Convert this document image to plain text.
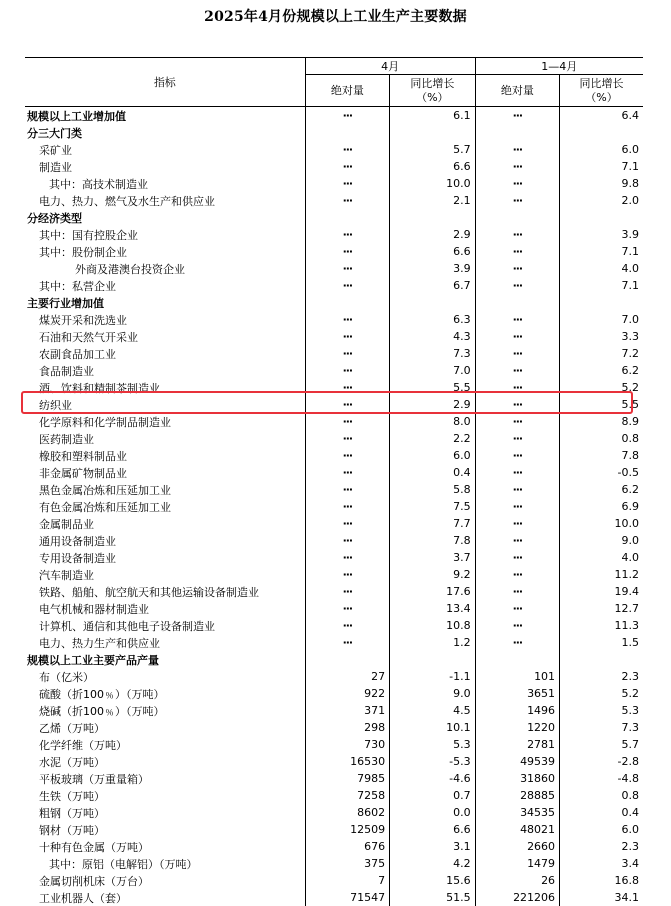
2025年4月份规模以上工业生产主要数据
指标	4月		1—4月	
	绝对量	同比增长（%）	绝对量	同比增长（%）
规模以上工业增加值	···	6.1	···	6.4
分三大门类				
采矿业	···	5.7	···	6.0
制造业	···	6.6	···	7.1
其中：高技术制造业	···	10.0	···	9.8
电力、热力、燃气及水生产和供应业	···	2.1	···	2.0
分经济类型				
其中：国有控股企业	···	2.9	···	3.9
其中：股份制企业	···	6.6	···	7.1
外商及港澳台投资企业	···	3.9	···	4.0
其中：私营企业	···	6.7	···	7.1
主要行业增加值				
煤炭开采和洗选业	···	6.3	···	7.0
石油和天然气开采业	···	4.3	···	3.3
农副食品加工业	···	7.3	···	7.2
食品制造业	···	7.0	···	6.2
酒、饮料和精制茶制造业	···	5.5	···	5.2
纺织业	···	2.9	···	5.5
化学原料和化学制品制造业	···	8.0	···	8.9
医药制造业	···	2.2	···	0.8
橡胶和塑料制品业	···	6.0	···	7.8
非金属矿物制品业	···	0.4	···	-0.5
黑色金属冶炼和压延加工业	···	5.8	···	6.2
有色金属冶炼和压延加工业	···	7.5	···	6.9
金属制品业	···	7.7	···	10.0
通用设备制造业	···	7.8	···	9.0
专用设备制造业	···	3.7	···	4.0
汽车制造业	···	9.2	···	11.2
铁路、船舶、航空航天和其他运输设备制造业	···	17.6	···	19.4
电气机械和器材制造业	···	13.4	···	12.7
计算机、通信和其他电子设备制造业	···	10.8	···	11.3
电力、热力生产和供应业	···	1.2	···	1.5
规模以上工业主要产品产量				
布（亿米）	27	-1.1	101	2.3
硫酸（折100﹪）（万吨）	922	9.0	3651	5.2
烧碱（折100﹪）（万吨）	371	4.5	1496	5.3
乙烯（万吨）	298	10.1	1220	7.3
化学纤维（万吨）	730	5.3	2781	5.7
水泥（万吨）	16530	-5.3	49539	-2.8
平板玻璃（万重量箱）	7985	-4.6	31860	-4.8
生铁（万吨）	7258	0.7	28885	0.8
粗钢（万吨）	8602	0.0	34535	0.4
钢材（万吨）	12509	6.6	48021	6.0
十种有色金属（万吨）	676	3.1	2660	2.3
其中：原铝（电解铝）（万吨）	375	4.2	1479	3.4
金属切削机床（万台）	7	15.6	26	16.8
工业机器人（套）	71547	51.5	221206	34.1
